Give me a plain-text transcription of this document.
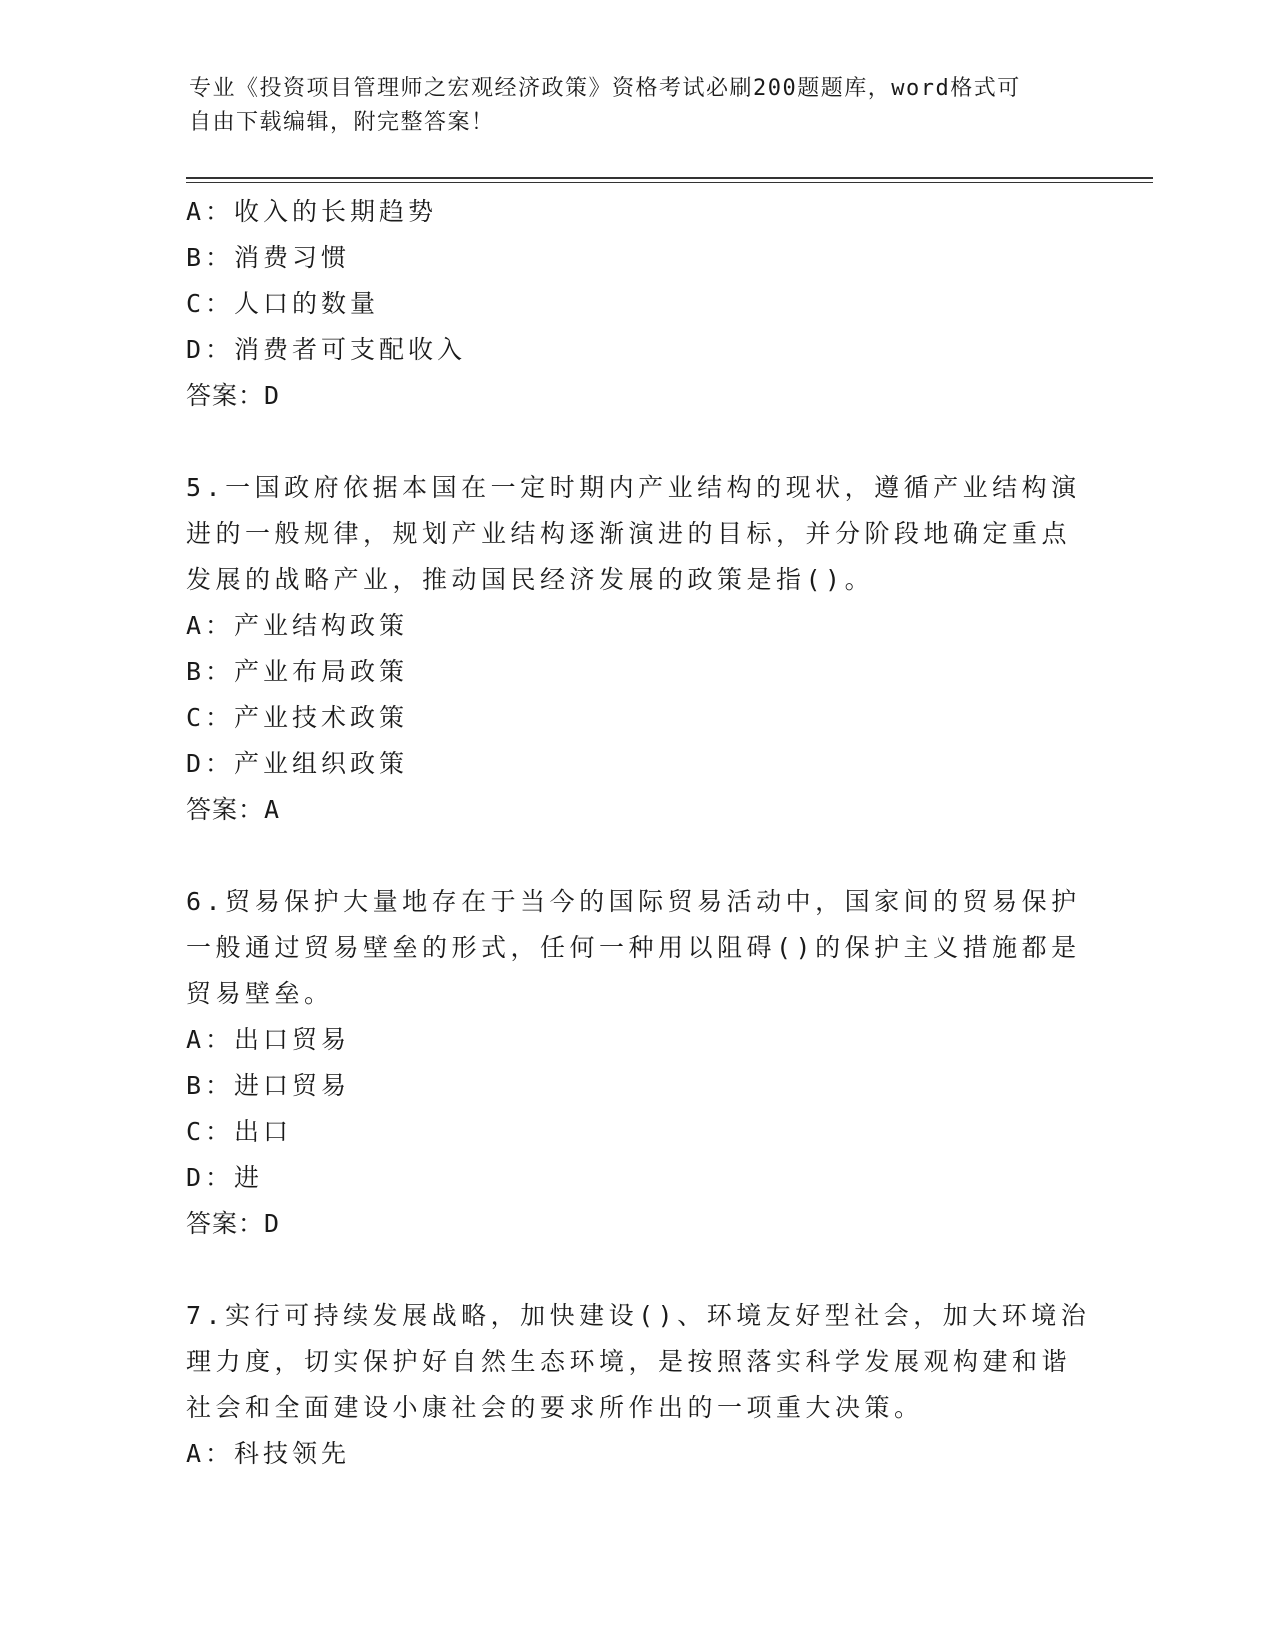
专业《投资项目管理师之宏观经济政策》资格考试必刷200题题库，word格式可

自由下载编辑，附完整答案！

A：收入的长期趋势
B：消费习惯
C：人口的数量
D：消费者可支配收入
答案：D
5.一国政府依据本国在一定时期内产业结构的现状，遵循产业结构演
进的一般规律，规划产业结构逐渐演进的目标，并分阶段地确定重点
发展的战略产业，推动国民经济发展的政策是指()。
A：产业结构政策
B：产业布局政策
C：产业技术政策
D：产业组织政策
答案：A
6.贸易保护大量地存在于当今的国际贸易活动中，国家间的贸易保护
一般通过贸易壁垒的形式，任何一种用以阻碍()的保护主义措施都是
贸易壁垒。
A：出口贸易
B：进口贸易
C：出口
D：进
答案：D
7.实行可持续发展战略，加快建设()、环境友好型社会，加大环境治
理力度，切实保护好自然生态环境，是按照落实科学发展观构建和谐
社会和全面建设小康社会的要求所作出的一项重大决策。
A：科技领先
